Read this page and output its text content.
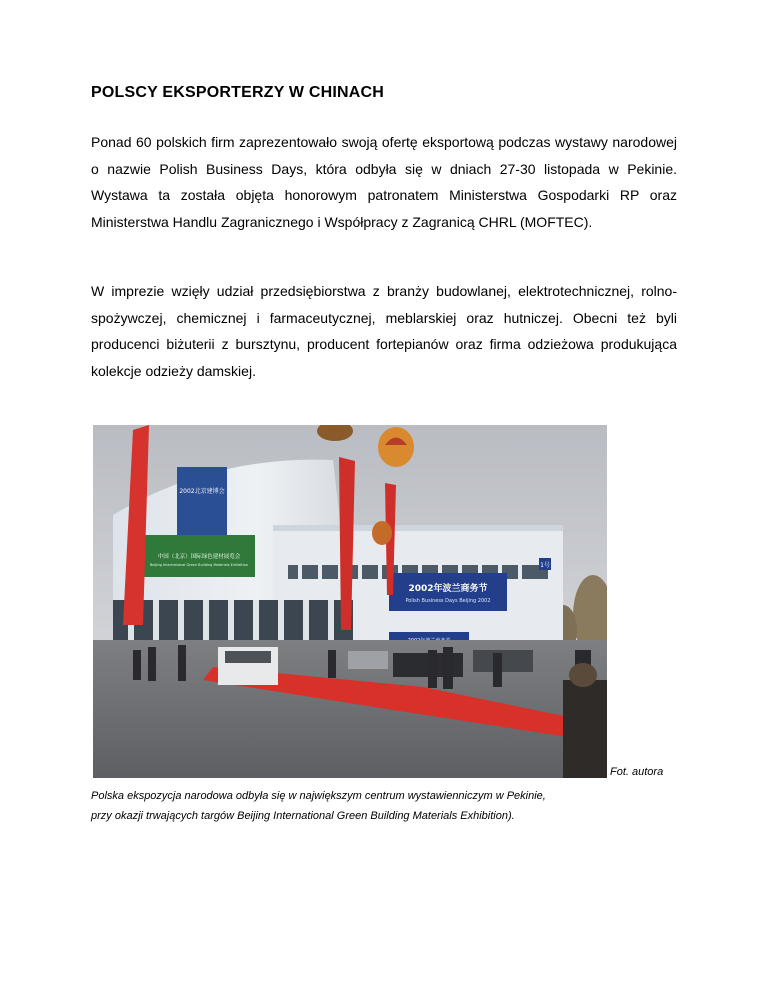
POLSCY EKSPORTERZY W CHINACH

Ponad 60 polskich firm zaprezentowało swoją ofertę eksportową podczas wystawy narodowej o nazwie Polish Business Days, która odbyła się w dniach 27-30 listopada w Pekinie. Wystawa ta została objęta honorowym patronatem Ministerstwa Gospodarki RP oraz Ministerstwa Handlu Zagranicznego i Współpracy z Zagranicą CHRL (MOFTEC).

W imprezie wzięły udział przedsiębiorstwa z branży budowlanej, elektrotechnicznej, rolno-spożywczej, chemicznej i farmaceutycznej, meblarskiej oraz hutniczej. Obecni też byli producenci biżuterii z bursztynu, producent fortepianów oraz firma odzieżowa produkująca kolekcje odzieży damskiej.

2002北京建博会
中国（北京）国际绿色建材展览会
Beijing International Green Building Materials Exhibition
2002年波兰商务节
Polish Business Days Beijing 2002
1号
Fot. autora
Polska ekspozycja narodowa odbyła się w największym centrum wystawienniczym w Pekinie, przy okazji trwających targów Beijing International Green Building Materials Exhibition).
